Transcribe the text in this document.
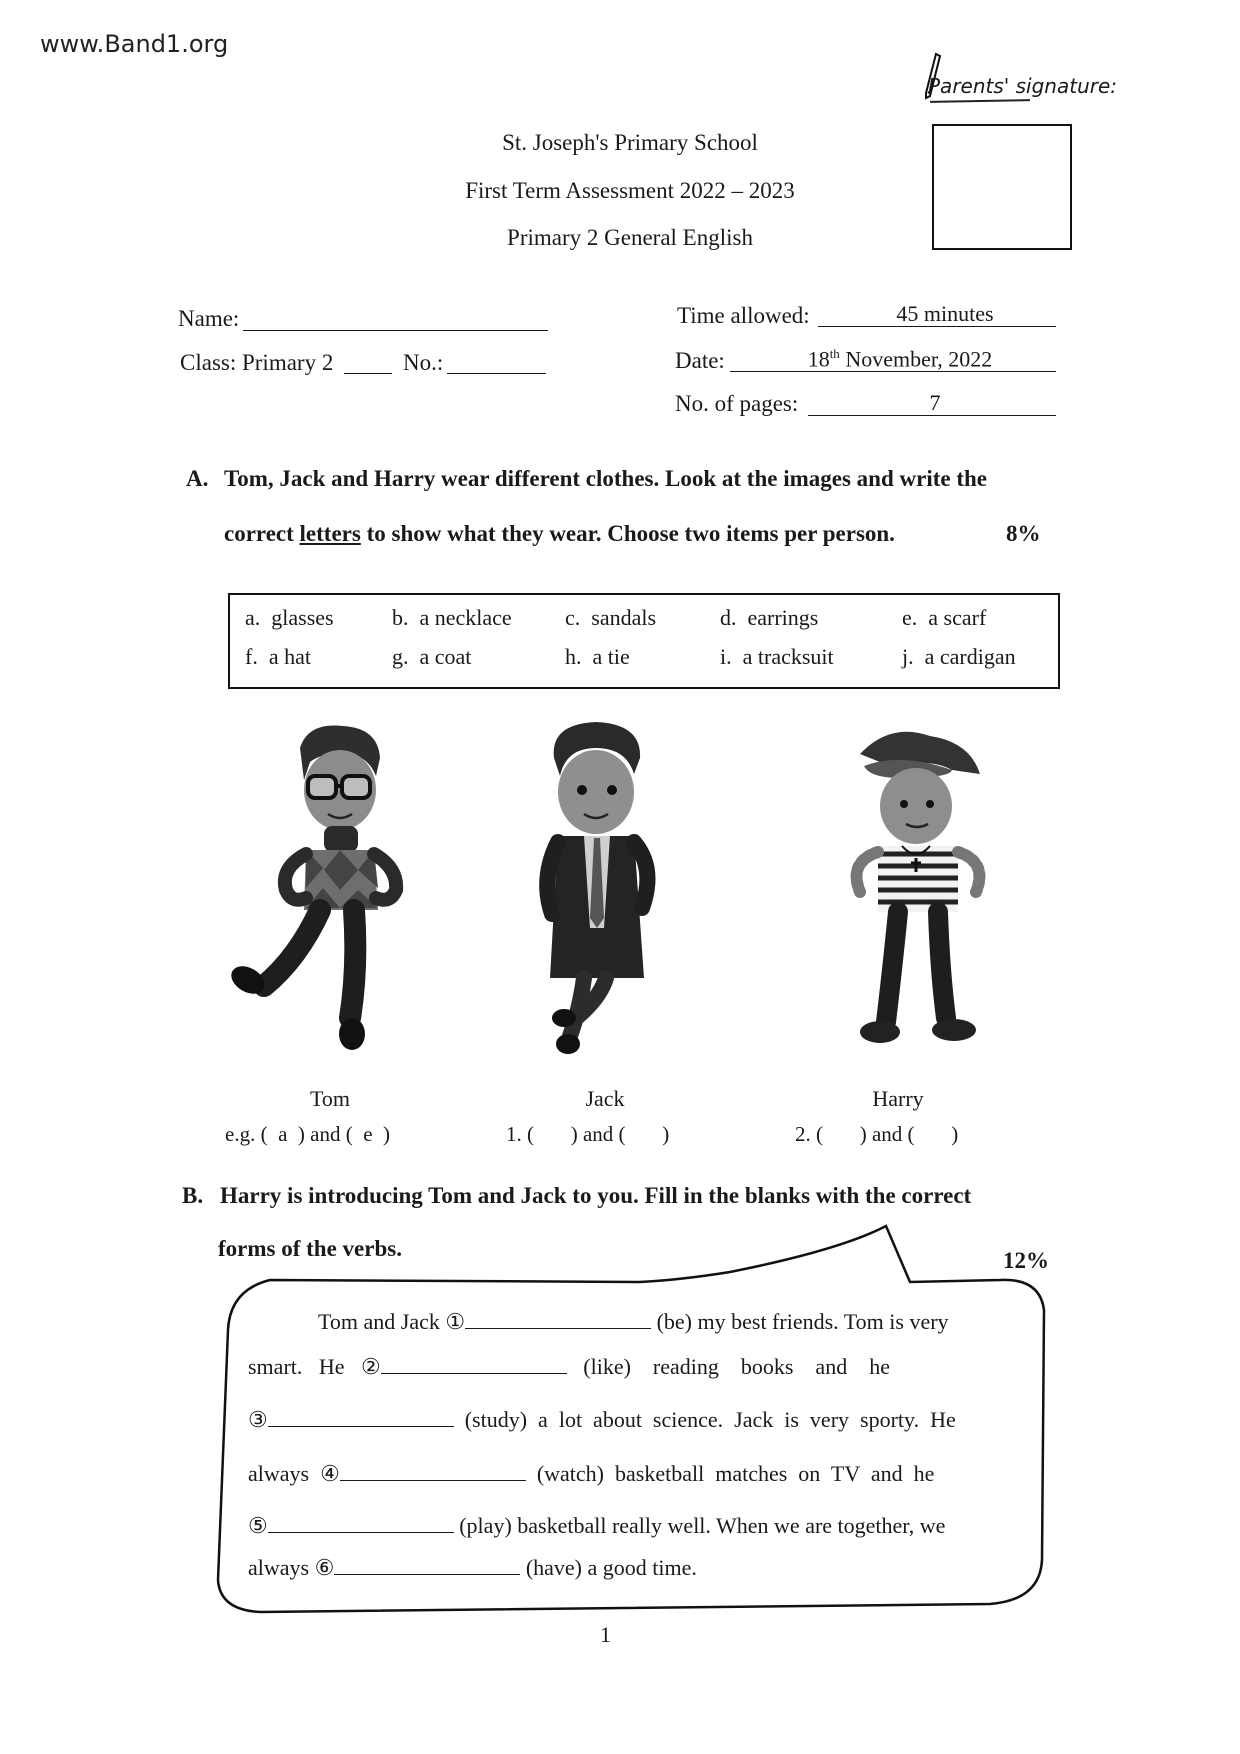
www.Band1.org
Parents' signature:
St. Joseph's Primary School
First Term Assessment 2022 – 2023
Primary 2 General English
Name:
Class: Primary 2	No.:
Time allowed:	45 minutes
Date:	18th November, 2022
No. of pages:	7
A. Tom, Jack and Harry wear different clothes. Look at the images and write the
correct letters to show what they wear. Choose two items per person.	8%
a. glasses	b. a necklace c. sandals	d. earrings	e. a scarf
f. a hat	g. a coat	h. a tie	i. a tracksuit	j. a cardigan
Tom	Jack	Harry
e.g. (  a  ) and (  e  )	1. (       ) and (       )	2. (       ) and (       )
B. Harry is introducing Tom and Jack to you. Fill in the blanks with the correct
forms of the verbs.	12%
Tom and Jack ①	(be) my best friends. Tom is very
smart.   He   ②	(like)    reading    books    and    he
③	(study)  a  lot  about  science.  Jack  is  very  sporty.  He
always  ④	(watch)  basketball  matches  on  TV  and  he
⑤	(play) basketball really well. When we are together, we
always ⑥	(have) a good time.
1
